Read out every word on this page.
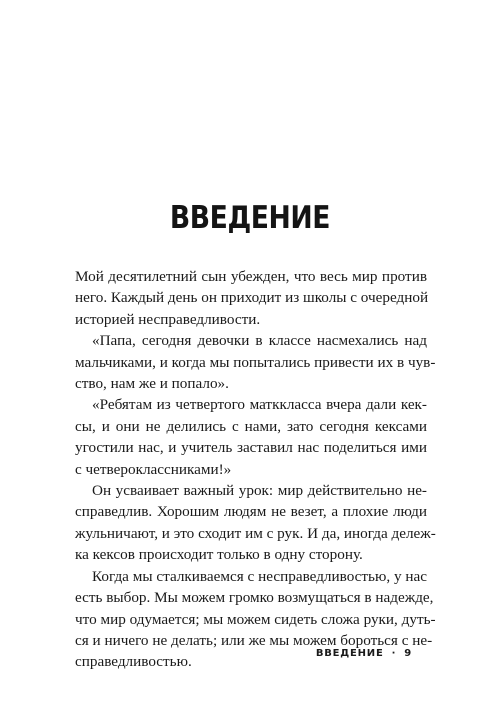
ВВЕДЕНИЕ
Мой десятилетний сын убежден, что весь мир против
него. Каждый день он приходит из школы с очередной
историей несправедливости.
«Папа, сегодня девочки в классе насмехались над
мальчиками, и когда мы попытались привести их в чув-
ство, нам же и попало».
«Ребятам из четвертого матккласса вчера дали кек-
сы, и они не делились с нами, зато сегодня кексами
угостили нас, и учитель заставил нас поделиться ими
с четвероклассниками!»
Он усваивает важный урок: мир действительно не-
справедлив. Хорошим людям не везет, а плохие люди
жульничают, и это сходит им с рук. И да, иногда дележ-
ка кексов происходит только в одну сторону.
Когда мы сталкиваемся с несправедливостью, у нас
есть выбор. Мы можем громко возмущаться в надежде,
что мир одумается; мы можем сидеть сложа руки, дуть-
ся и ничего не делать; или же мы можем бороться с не-
справедливостью.	ВВЕДЕНИЕ · 9
